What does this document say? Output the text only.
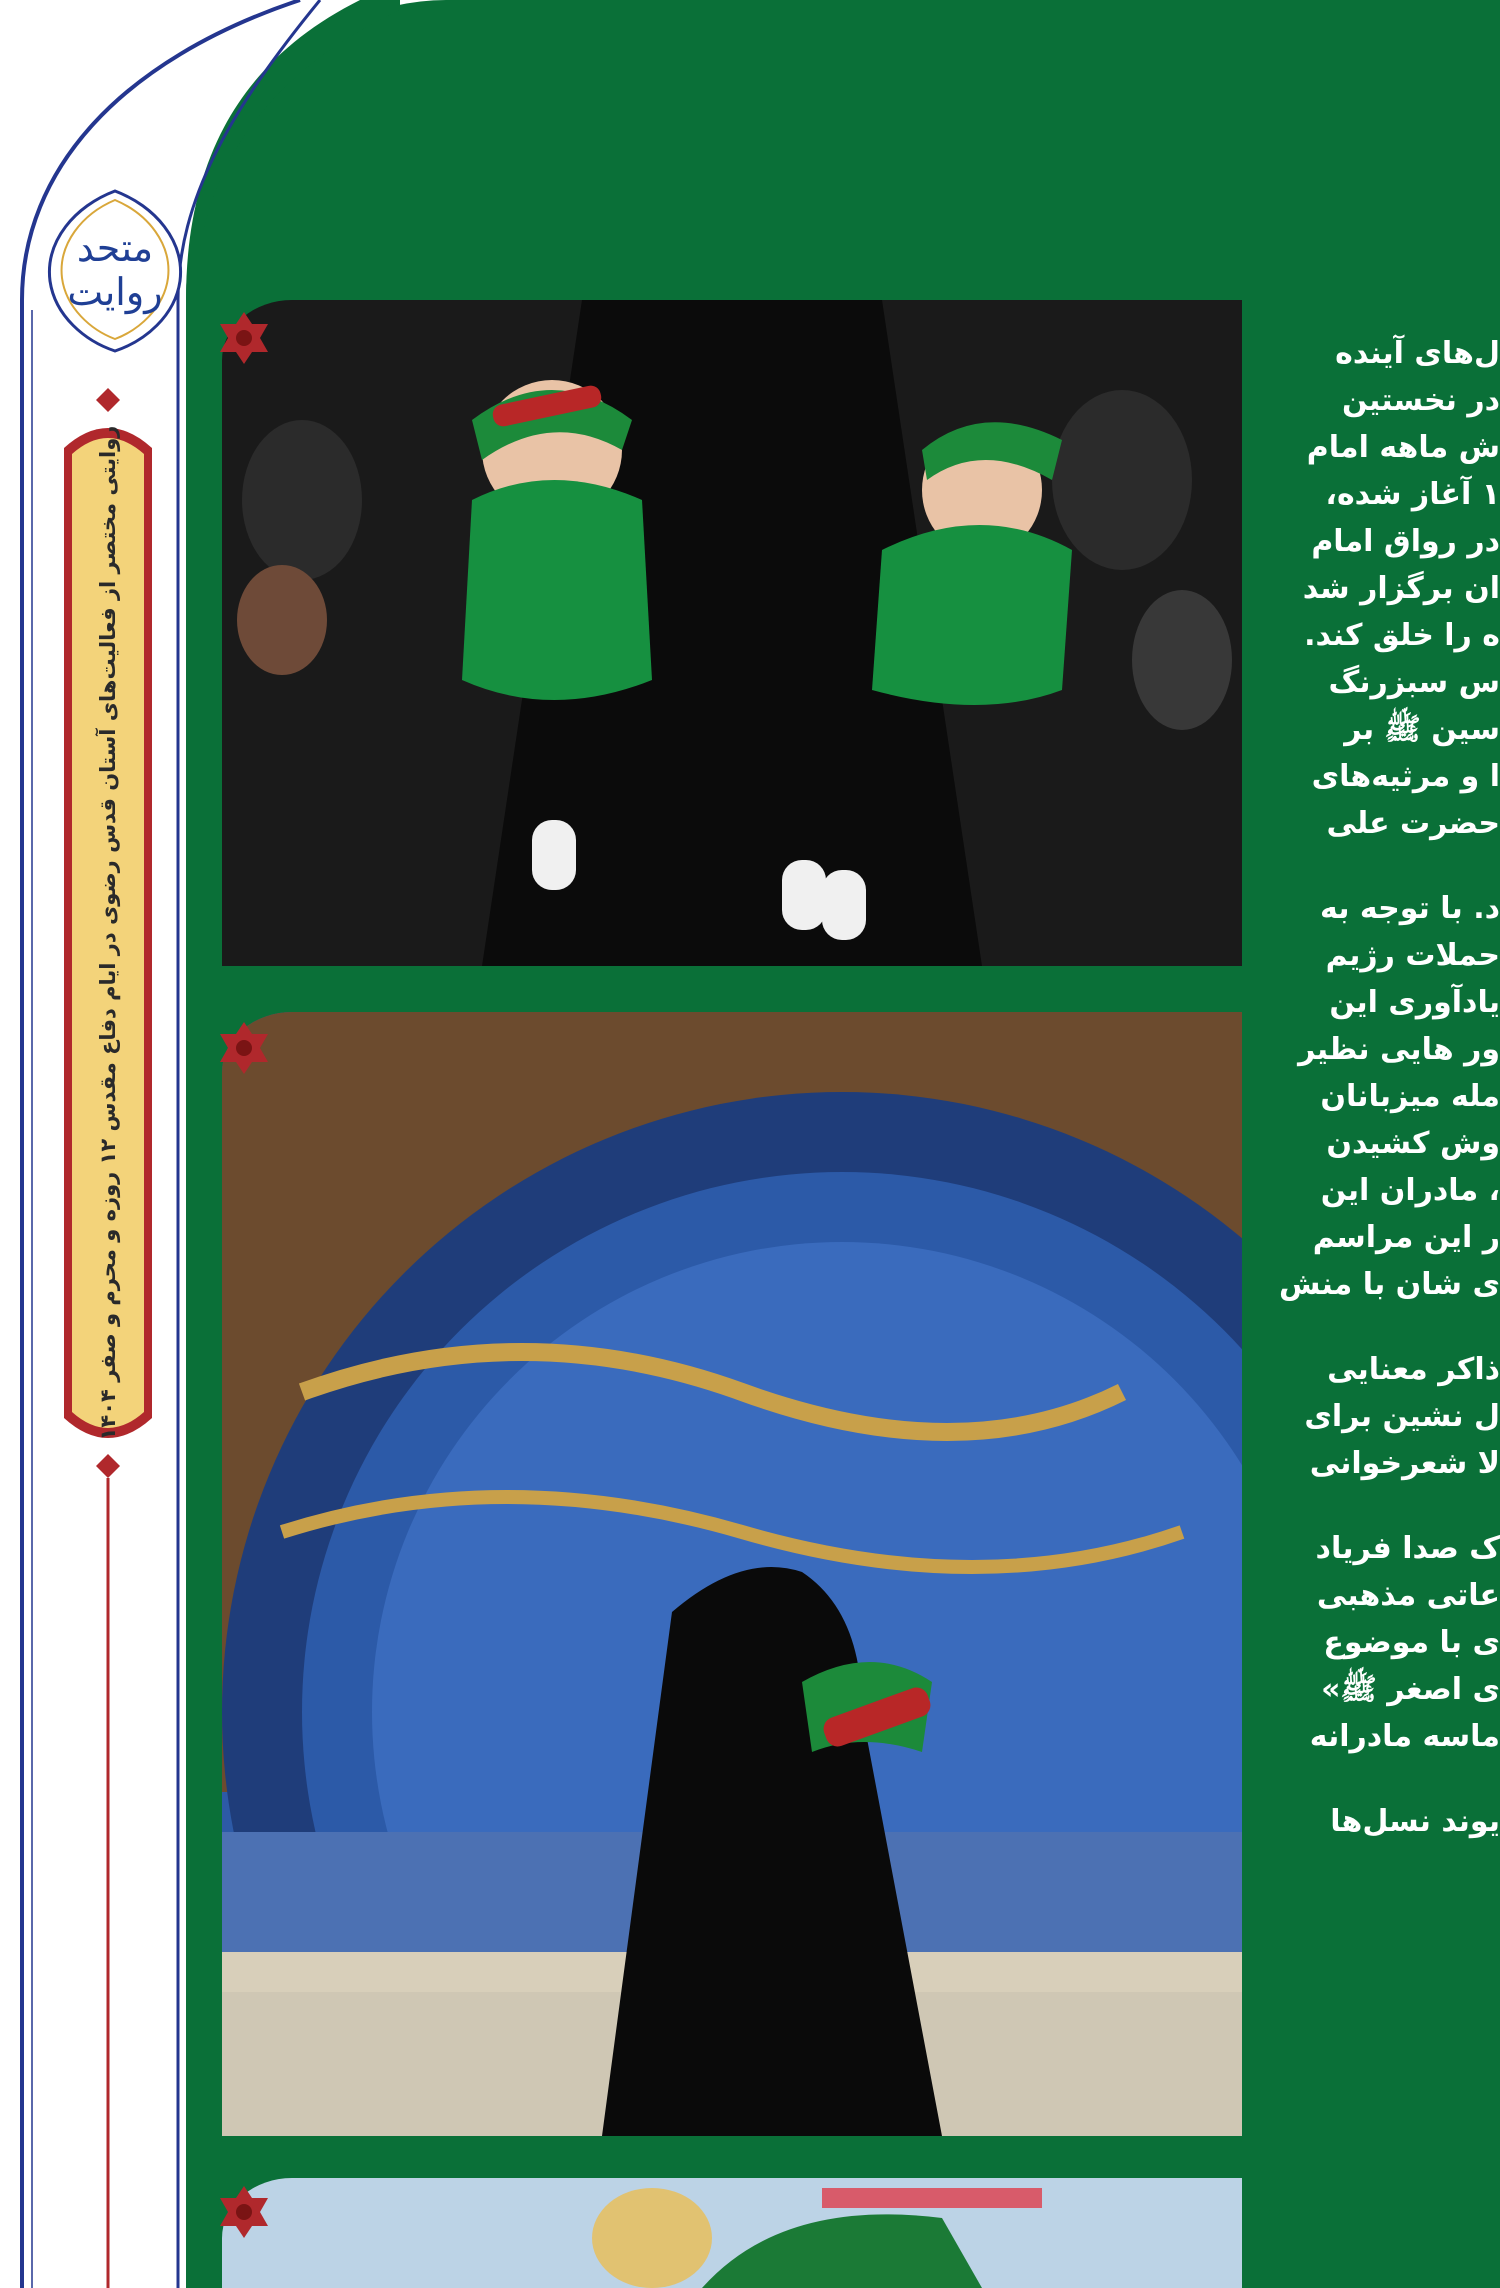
متحد
روایت
روایتی مختصر از فعالیت‌های آستان قدس رضوی در ایام دفاع مقدس ۱۲ روزه و محرم و صفر ۱۴۰۴

ل‌های آینده
در نخستین
ش ماهه امام
۱ آغاز شده،
در رواق امام
ان برگزار شد
ه را خلق کند.
س سبزرنگ
سین ﷺ بر
ا و مرثیه‌های
حضرت علی

د. با توجه به
حملات رژیم
یادآوری این
ور هایی نظیر
مله میزبانان
وش کشیدن
، مادران این
ر این مراسم
ی شان با منش

ذاکر معنایی
ل نشین برای
لا شعرخوانی

ک صدا فریاد
عاتی مذهبی
ی با موضوع
ی اصغر ﷺ»
ماسه مادرانه

یوند نسل‌ها
